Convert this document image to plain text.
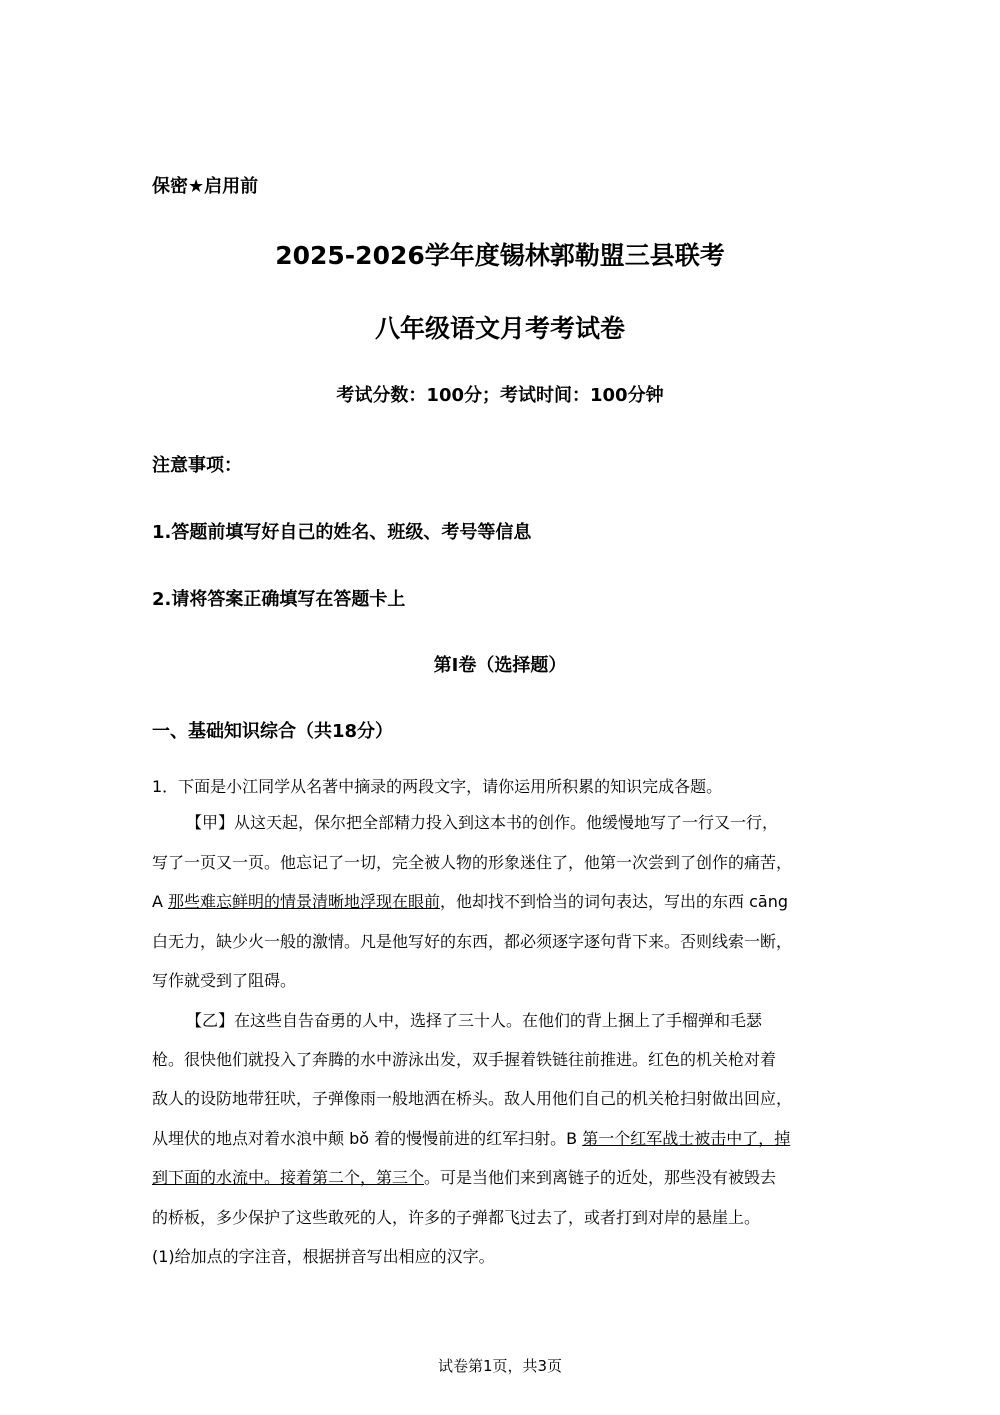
保密★启用前
2025-2026学年度锡林郭勒盟三县联考
八年级语文月考考试卷
考试分数：100分；考试时间：100分钟
注意事项：
1.答题前填写好自己的姓名、班级、考号等信息
2.请将答案正确填写在答题卡上
第I卷（选择题）
一、基础知识综合（共18分）
1．下面是小江同学从名著中摘录的两段文字，请你运用所积累的知识完成各题。
【甲】从这天起，保尔把全部精力投入到这本书的创作。他缓慢地写了一行又一行，
写了一页又一页。他忘记了一切，完全被人物的形象迷住了，他第一次尝到了创作的痛苦，
A 那些难忘鲜明的情景清晰地浮现在眼前，他却找不到恰当的词句表达，写出的东西 cāng
白无力，缺少火一般的激情。凡是他写好的东西，都必须逐字逐句背下来。否则线索一断，
写作就受到了阻碍。
【乙】在这些自告奋勇的人中，选择了三十人。在他们的背上捆上了手榴弹和毛瑟
枪。很快他们就投入了奔腾的水中游泳出发，双手握着铁链往前推进。红色的机关枪对着
敌人的设防地带狂吠，子弹像雨一般地洒在桥头。敌人用他们自己的机关枪扫射做出回应，
从埋伏的地点对着水浪中颠 bǒ 着的慢慢前进的红军扫射。B 第一个红军战士被击中了，掉
到下面的水流中。接着第二个，第三个。可是当他们来到离链子的近处，那些没有被毁去
的桥板，多少保护了这些敢死的人，许多的子弹都飞过去了，或者打到对岸的悬崖上。
(1)给加点的字注音，根据拼音写出相应的汉字。
试卷第1页，共3页
